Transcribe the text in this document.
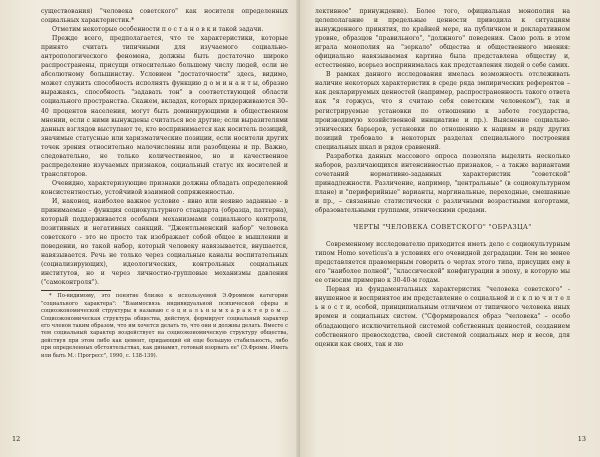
существования) "человека советского" как носителя определенных социальных характеристик.*

Отметим некоторые особенности п о с т а н о в к и такой задачи.

Прежде всего, предполагается, что те характеристики, которые принято считать типичными для изучаемого социально-антропологического феномена, должны быть достаточно широко распространены, присущи относительно большому числу людей, если не абсолютному большинству. Условием "достаточности" здесь, видимо, может служить способность исполнять функцию д о м и н а н т ы, образно выражаясь, способность "задавать тон" в соответствующей области социального пространства. Скажем, вкладах, которых придерживаются 30–40 процентов населения, могут быть доминирующими в общественном мнении, если с ними вынуждены считаться все другие; если выразителями данных взглядов выступают те, кто воспринимается как носитель позиций, значимые статусные или харизматические позиции, если носители других точек зрения относительно малочисленны или разобщены и пр. Важно, следовательно, не только количественное, но и качественное распределение изучаемых признаков, социальный статус их носителей и трансляторов.

Очевидно, характеризующие признаки должны обладать определенной консистентностью, устойчивой взаимной сопряженностью.

И, наконец, наиболее важное условие - явно или неявно заданные - в принимаемые - функция социокультурного стандарта (образца, паттерна), который поддерживается особыми механизмами социального контроля, позитивных и негативных санкций. "Джентльменский набор" человека советского - это не просто так изображает собой общее в мышлении и поведении, но такой набор, который человеку навязывается, внушается, навязывается. Речь не только через социальные каналы воспитательных (социализирующих), идеологических, контрольных социальных институтов, но и через личностно-групповые механизмы давления ("самоконтроля").

* По-видимому, это понятие близко к используемой Э.Фроммом категории "социального характера": "Взаимосвязь индивидуальной психической сферы и социоэкономической структуры я называю с о ц и а л ь н ы м х а р а к т е р о м ... Социоэкономическая структура общества, действуя, формирует социальный характер его членов таким образом, что им хочется делать то, что они и должны делать. Вместе с тем социальный характер воздействует на социоэкономическую структуру общества, действуя при этом либо как цемент, придающий ей еще большую стабильность, либо при определенных обстоятельствах, как динамит, готовый взорвать ее" (Э.Фромм. Иметь или быть М.: Прогресс", 1990, с. 138-139).

12

лективное" принуждение). Более того, официальная монополия на целеполагание и предельные ценности приводила к ситуациям вынужденного принятия, по крайней мере, на публичном и декларативном уровне, образцов "правильного", "должного" поведения. Свою роль в этом играла монополия на "зеркало" общества и общественного мнения: официально навязываемая картина была представлена обществу и, естественно, всерьез воспринималась как представления людей о себе самих.

В рамках данного исследования имелась возможность отслеживать наличие некоторых характеристик в среде ряда эмпирических референтов – как декларируемых ценностей (например, распространенность такого ответа как "я горжусь, что я считаю себя советским человеком"), так и регистрируемые установки по отношению к заботе государства, производимую хозяйственной инициативе и пр.). Выяснение социально-этнических барьеров, установки по отношению к нациям и ряду других позиций требовало в некоторых разделах специального построения специальных шкал и рядов сравнений.

Разработка данных массового опроса позволяла выделить несколько наборов, различающихся интенсивностью признаков, – а также вариантами сочетаний нормативно-заданных характеристик "советской" принадлежности. Различение, например, "центральные" (в социокультурном плане) и "периферийные" варианты, маргинальные, переходные, смешанные и пр., – связанные статистически с различными возрастными когортами, образовательными группами, этническими средами.

ЧЕРТЫ "ЧЕЛОВЕКА СОВЕТСКОГО" "ОБРАЗЦА"

Современному исследователю приходится иметь дело с социокультурным типом Homo soveticus'а в условиях его очевидной деградации. Тем не менее представляется правомерным говорить о чертах этого типа, присущих ему в его "наиболее полной", "классической" конфигурации в эпоху, в которую мы ее относим примерно к 30-40-м годам.

Первая из фундаментальных характеристик "человека советского" - внушенное и воспринятое им представление о социальной и с к л ю ч и т е л ь н о с т и, особой, принципиальным отличием от типичного человека иных времен и социальных систем. ("Сформировался образ "человека" – особо обладающего исключительной системой собственных ценностей, созданием собственного превосходства, своей системой социальных мер и весов, для оценки как своих, так и лю

13
